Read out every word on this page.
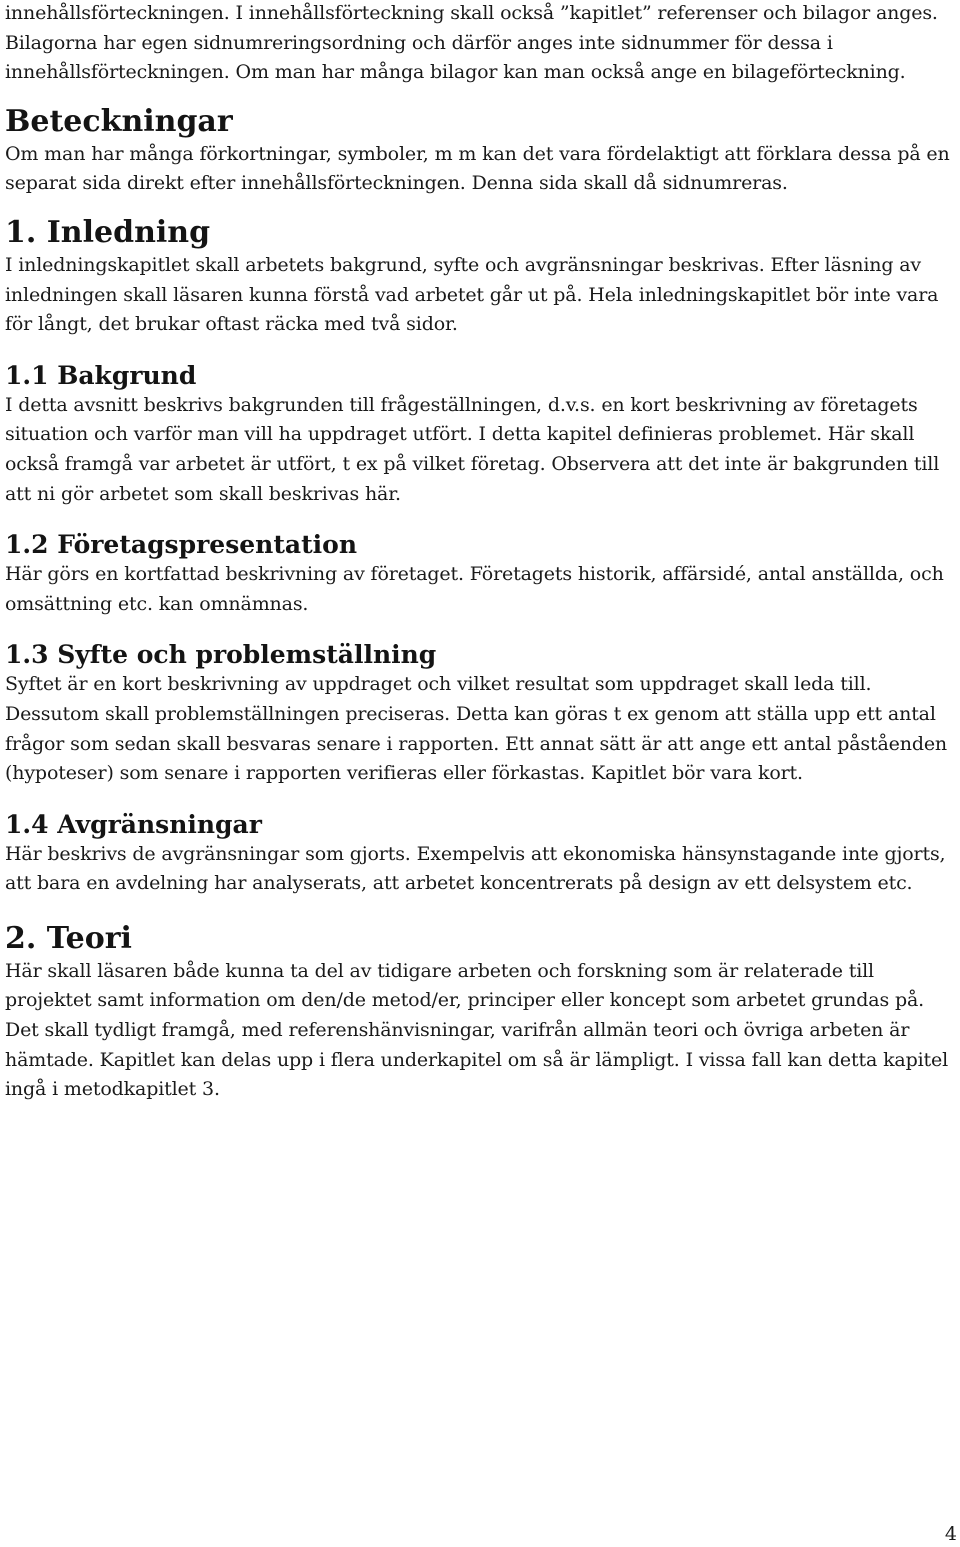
innehållsförteckningen. I innehållsförteckning skall också ”kapitlet” referenser och bilagor anges. Bilagorna har egen sidnumreringsordning och därför anges inte sidnummer för dessa i innehållsförteckningen. Om man har många bilagor kan man också ange en bilageförteckning.

Beteckningar

Om man har många förkortningar, symboler, m m kan det vara fördelaktigt att förklara dessa på en separat sida direkt efter innehållsförteckningen. Denna sida skall då sidnumreras.

1. Inledning

I inledningskapitlet skall arbetets bakgrund, syfte och avgränsningar beskrivas. Efter läsning av inledningen skall läsaren kunna förstå vad arbetet går ut på. Hela inledningskapitlet bör inte vara för långt, det brukar oftast räcka med två sidor.

1.1 Bakgrund

I detta avsnitt beskrivs bakgrunden till frågeställningen, d.v.s. en kort beskrivning av företagets situation och varför man vill ha uppdraget utfört. I detta kapitel definieras problemet. Här skall också framgå var arbetet är utfört, t ex på vilket företag. Observera att det inte är bakgrunden till att ni gör arbetet som skall beskrivas här.

1.2 Företagspresentation

Här görs en kortfattad beskrivning av företaget. Företagets historik, affärsidé, antal anställda, och omsättning etc. kan omnämnas.

1.3 Syfte och problemställning

Syftet är en kort beskrivning av uppdraget och vilket resultat som uppdraget skall leda till. Dessutom skall problemställningen preciseras. Detta kan göras t ex genom att ställa upp ett antal frågor som sedan skall besvaras senare i rapporten. Ett annat sätt är att ange ett antal påståenden (hypoteser) som senare i rapporten verifieras eller förkastas. Kapitlet bör vara kort.

1.4 Avgränsningar

Här beskrivs de avgränsningar som gjorts. Exempelvis att ekonomiska hänsynstagande inte gjorts, att bara en avdelning har analyserats, att arbetet koncentrerats på design av ett delsystem etc.

2. Teori

Här skall läsaren både kunna ta del av tidigare arbeten och forskning som är relaterade till projektet samt information om den/de metod/er, principer eller koncept som arbetet grundas på. Det skall tydligt framgå, med referenshänvisningar, varifrån allmän teori och övriga arbeten är hämtade. Kapitlet kan delas upp i flera underkapitel om så är lämpligt. I vissa fall kan detta kapitel ingå i metodkapitlet 3.

4
